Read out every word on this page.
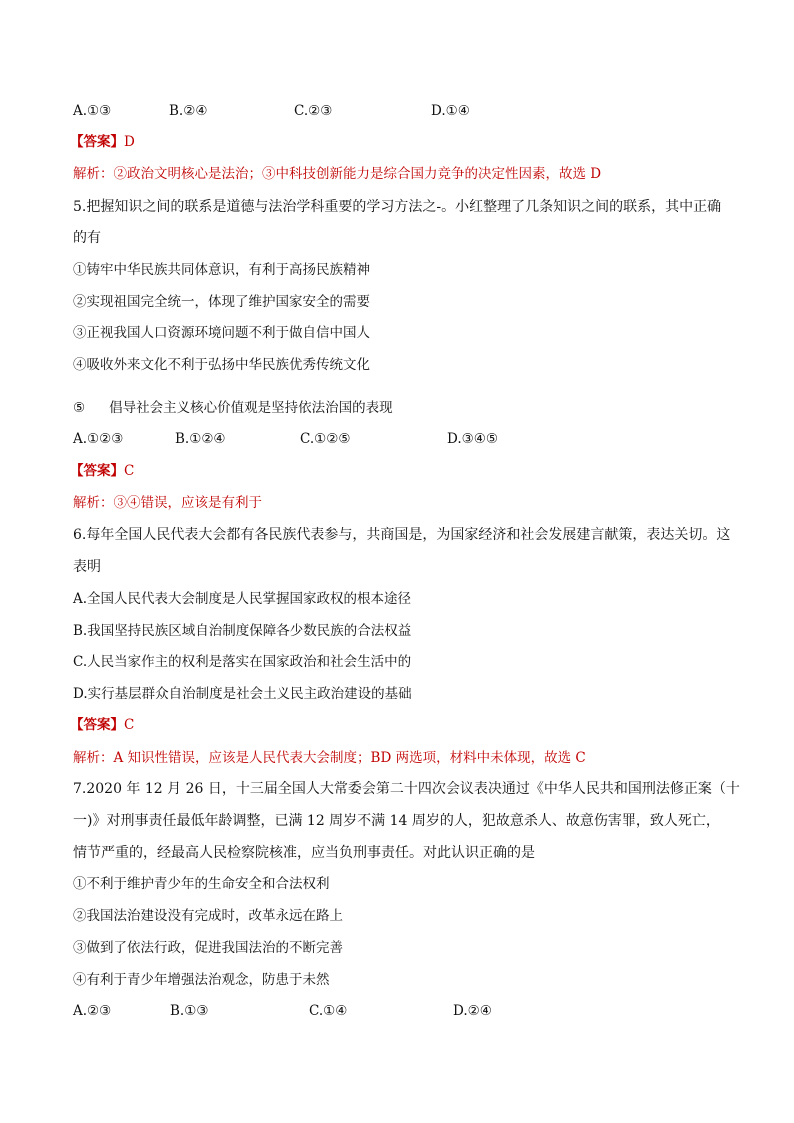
A.①③	B.②④	C.②③	D.①④
【答案】D
解析：②政治文明核心是法治；③中科技创新能力是综合国力竞争的决定性因素，故选 D
5.把握知识之间的联系是道德与法治学科重要的学习方法之-。小红整理了几条知识之间的联系，其中正确
的有
①铸牢中华民族共同体意识，有利于高扬民族精神
②实现祖国完全统一，体现了维护国家安全的需要
③正视我国人口资源环境问题不利于做自信中国人
④吸收外来文化不利于弘扬中华民族优秀传统文化
⑤ 倡导社会主义核心价值观是坚持依法治国的表现
A.①②③	B.①②④	C.①②⑤	D.③④⑤
【答案】C
解析：③④错误，应该是有利于
6.每年全国人民代表大会都有各民族代表参与，共商国是，为国家经济和社会发展建言献策，表达关切。这
表明
A.全国人民代表大会制度是人民掌握国家政权的根本途径
B.我国坚持民族区域自治制度保障各少数民族的合法权益
C.人民当家作主的权利是落实在国家政治和社会生活中的
D.实行基层群众自治制度是社会土义民主政治建设的基础
【答案】C
解析：A 知识性错误，应该是人民代表大会制度；BD 两选项，材料中未体现，故选 C
7.2020 年 12 月 26 日，十三届全国人大常委会第二十四次会议表决通过《中华人民共和国刑法修正案（十
一)》对刑事责任最低年龄调整，已满 12 周岁不满 14 周岁的人，犯故意杀人、故意伤害罪，致人死亡，
情节严重的，经最高人民检察院核准，应当负刑事责任。对此认识正确的是
①不利于维护青少年的生命安全和合法权利
②我国法治建设没有完成时，改革永远在路上
③做到了依法行政，促进我国法治的不断完善
④有利于青少年增强法治观念，防患于未然
A.②③	B.①③	C.①④	D.②④
